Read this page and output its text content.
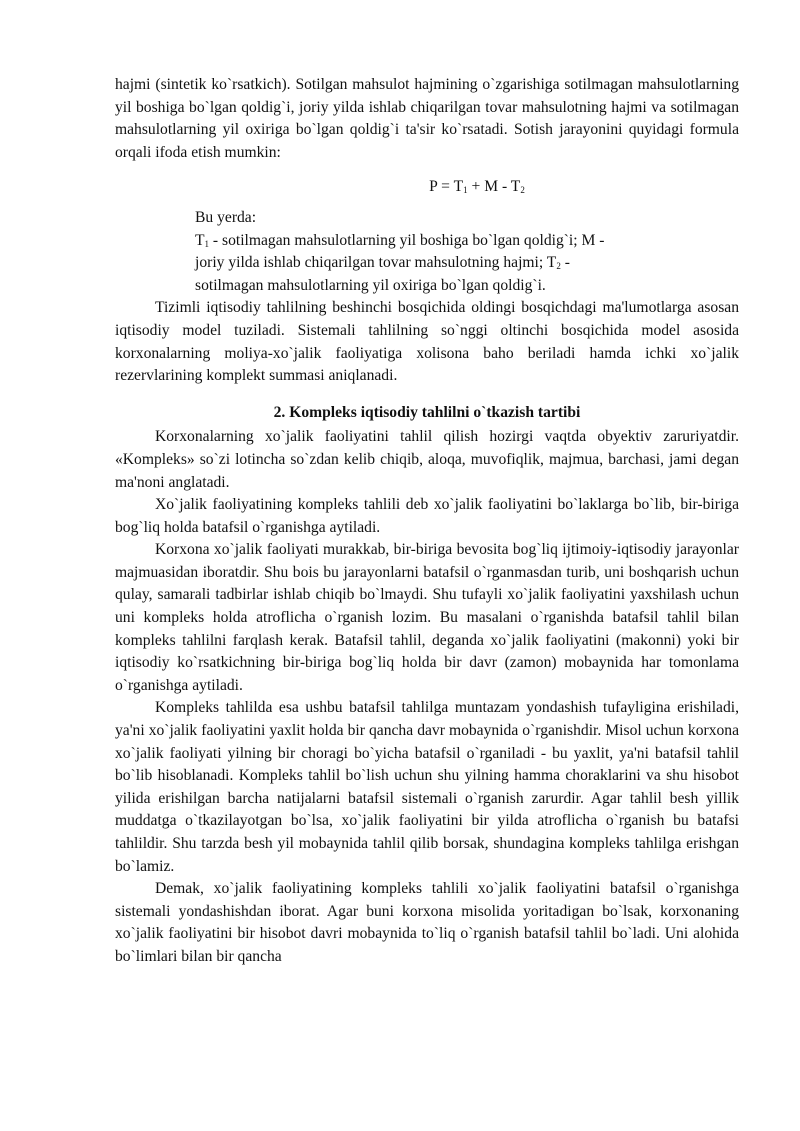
hajmi (sintetik ko`rsatkich). Sotilgan mahsulot hajmining o`zgarishiga sotilmagan mahsulotlarning yil boshiga bo`lgan qoldig`i, joriy yilda ishlab chiqarilgan tovar mahsulotning hajmi va sotilmagan mahsulotlarning yil oxiriga bo`lgan qoldig`i ta'sir ko`rsatadi. Sotish jarayonini quyidagi formula orqali ifoda etish mumkin:

$P = T_1 + M - T_2$

Bu yerda:
$T_1$ - sotilmagan mahsulotlarning yil boshiga bo`lgan qoldig`i; M -
joriy yilda ishlab chiqarilgan tovar mahsulotning hajmi; $T_2$ -
sotilmagan mahsulotlarning yil oxiriga bo`lgan qoldig`i.

Tizimli iqtisodiy tahlilning beshinchi bosqichida oldingi bosqichdagi ma'lumotlarga asosan iqtisodiy model tuziladi. Sistemali tahlilning so`nggi oltinchi bosqichida model asosida korxonalarning moliya-xo`jalik faoliyatiga xolisona baho beriladi hamda ichki xo`jalik rezervlarining komplekt summasi aniqlanadi.

2. Kompleks iqtisodiy tahlilni o`tkazish tartibi

Korxonalarning xo`jalik faoliyatini tahlil qilish hozirgi vaqtda obyektiv zaruriyatdir. «Kompleks» so`zi lotincha so`zdan kelib chiqib, aloqa, muvofiqlik, majmua, barchasi, jami degan ma'noni anglatadi.

Xo`jalik faoliyatining kompleks tahlili deb xo`jalik faoliyatini bo`laklarga bo`lib, bir-biriga bog`liq holda batafsil o`rganishga aytiladi.

Korxona xo`jalik faoliyati murakkab, bir-biriga bevosita bog`liq ijtimoiy-iqtisodiy jarayonlar majmuasidan iboratdir. Shu bois bu jarayonlarni batafsil o`rganmasdan turib, uni boshqarish uchun qulay, samarali tadbirlar ishlab chiqib bo`lmaydi. Shu tufayli xo`jalik faoliyatini yaxshilash uchun uni kompleks holda atroflicha o`rganish lozim. Bu masalani o`rganishda batafsil tahlil bilan kompleks tahlilni farqlash kerak. Batafsil tahlil, deganda xo`jalik faoliyatini (makonni) yoki bir iqtisodiy ko`rsatkichning bir-biriga bog`liq holda bir davr (zamon) mobaynida har tomonlama o`rganishga aytiladi.

Kompleks tahlilda esa ushbu batafsil tahlilga muntazam yondashish tufayligina erishiladi, ya'ni xo`jalik faoliyatini yaxlit holda bir qancha davr mobaynida o`rganishdir. Misol uchun korxona xo`jalik faoliyati yilning bir choragi bo`yicha batafsil o`rganiladi - bu yaxlit, ya'ni batafsil tahlil bo`lib hisoblanadi. Kompleks tahlil bo`lish uchun shu yilning hamma choraklarini va shu hisobot yilida erishilgan barcha natijalarni batafsil sistemali o`rganish zarurdir. Agar tahlil besh yillik muddatga o`tkazilayotgan bo`lsa, xo`jalik faoliyatini bir yilda atroflicha o`rganish bu batafsi tahlildir. Shu tarzda besh yil mobaynida tahlil qilib borsak, shundagina kompleks tahlilga erishgan bo`lamiz.

Demak, xo`jalik faoliyatining kompleks tahlili xo`jalik faoliyatini batafsil o`rganishga sistemali yondashishdan iborat. Agar buni korxona misolida yoritadigan bo`lsak, korxonaning xo`jalik faoliyatini bir hisobot davri mobaynida to`liq o`rganish batafsil tahlil bo`ladi. Uni alohida bo`limlari bilan bir qancha
